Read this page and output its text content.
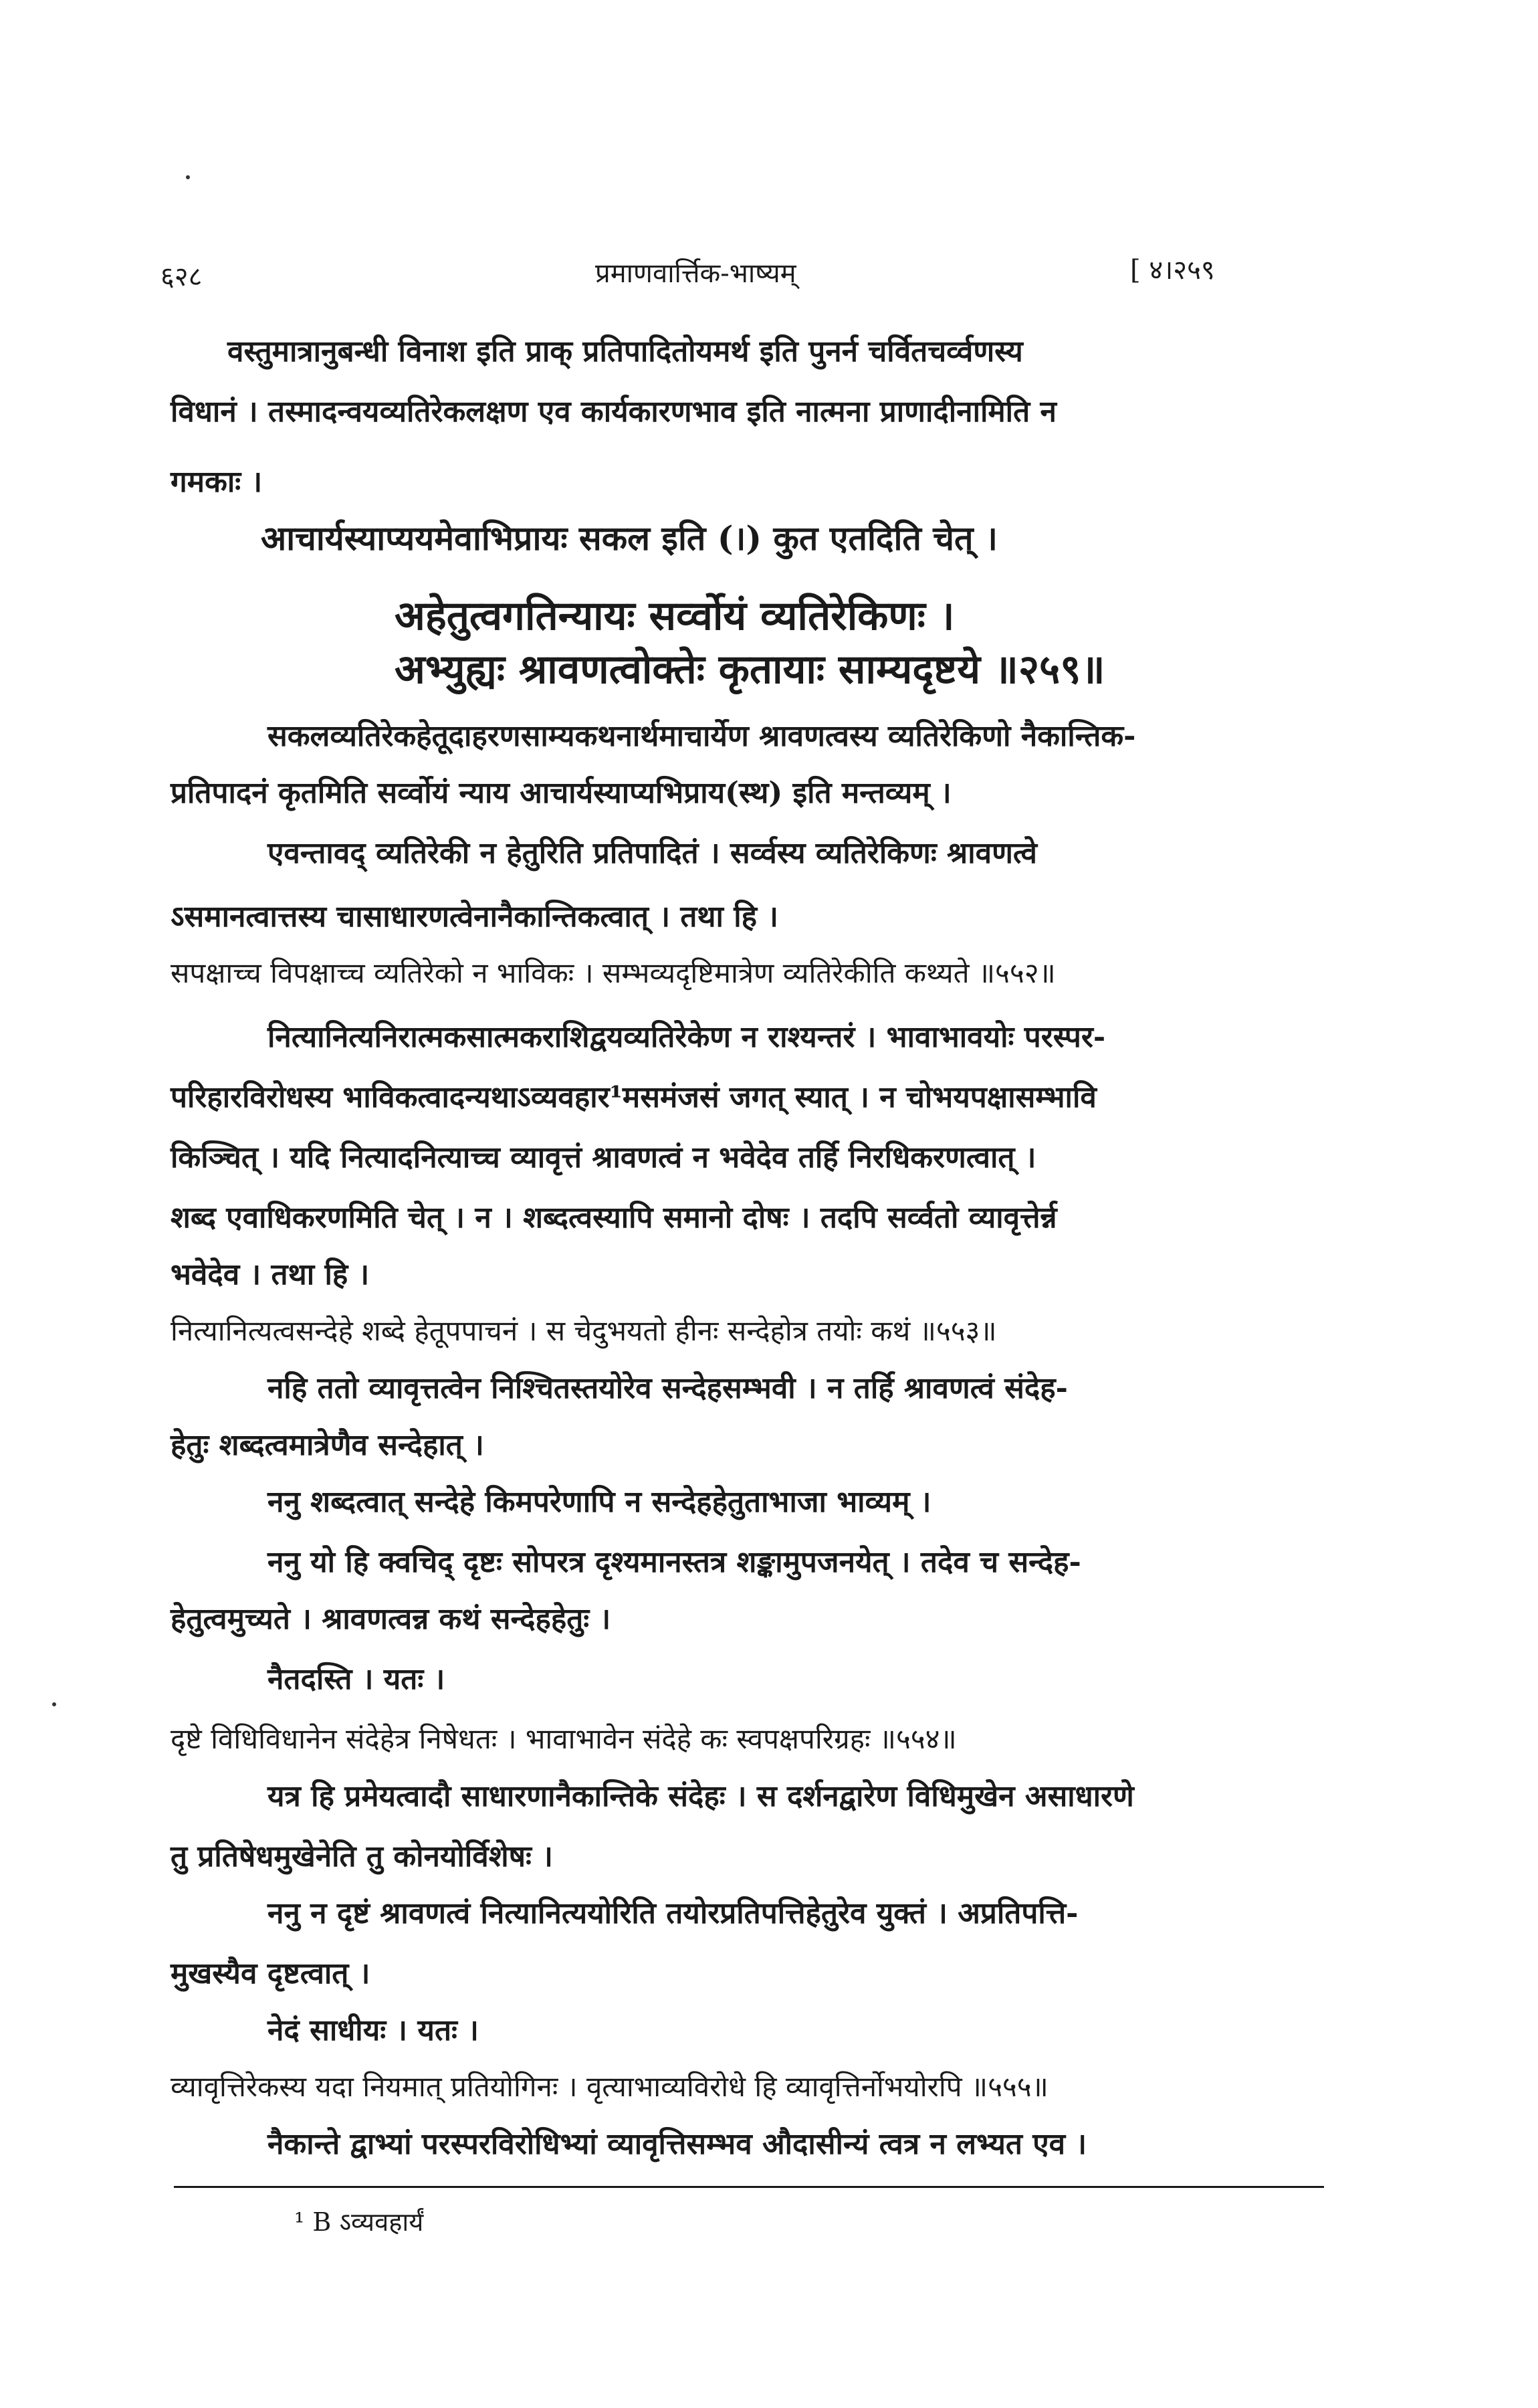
६२८	प्रमाणवार्त्तिक-भाष्यम्	[ ४।२५९

वस्तुमात्रानुबन्धी विनाश इति प्राक् प्रतिपादितोयमर्थ इति पुनर्न चर्वितचर्व्वणस्य

विधानं । तस्मादन्वयव्यतिरेकलक्षण एव कार्यकारणभाव इति नात्मना प्राणादीनामिति न

गमकाः ।

आचार्यस्याप्ययमेवाभिप्रायः सकल इति (।) कुत एतदिति चेत् ।

अहेतुत्वगतिन्यायः सर्व्वोयं व्यतिरेकिणः ।

अभ्युह्यः श्रावणत्वोक्तेः कृतायाः साम्यदृष्टये ॥२५९॥

सकलव्यतिरेकहेतूदाहरणसाम्यकथनार्थमाचार्येण श्रावणत्वस्य व्यतिरेकिणो नैकान्तिक-

प्रतिपादनं कृतमिति सर्व्वोयं न्याय आचार्यस्याप्यभिप्राय(स्थ) इति मन्तव्यम् ।

एवन्तावद् व्यतिरेकी न हेतुरिति प्रतिपादितं । सर्व्वस्य व्यतिरेकिणः श्रावणत्वे

ऽसमानत्वात्तस्य चासाधारणत्वेनानैकान्तिकत्वात् । तथा हि ।

सपक्षाच्च विपक्षाच्च व्यतिरेको न भाविकः । सम्भव्यदृष्टिमात्रेण व्यतिरेकीति कथ्यते ॥५५२॥

नित्यानित्यनिरात्मकसात्मकराशिद्वयव्यतिरेकेण न राश्यन्तरं । भावाभावयोः परस्पर-

परिहारविरोधस्य भाविकत्वादन्यथाऽव्यवहार¹मसमंजसं जगत् स्यात् । न चोभयपक्षासम्भावि

किञ्चित् । यदि नित्यादनित्याच्च व्यावृत्तं श्रावणत्वं न भवेदेव तर्हि निरधिकरणत्वात् ।

शब्द एवाधिकरणमिति चेत् । न । शब्दत्वस्यापि समानो दोषः । तदपि सर्व्वतो व्यावृत्तेर्न्न

भवेदेव । तथा हि ।

नित्यानित्यत्वसन्देहे शब्दे हेतूपपाचनं । स चेदुभयतो हीनः सन्देहोत्र तयोः कथं ॥५५३॥

नहि ततो व्यावृत्तत्वेन निश्चितस्तयोरेव सन्देहसम्भवी । न तर्हि श्रावणत्वं संदेह-

हेतुः शब्दत्वमात्रेणैव सन्देहात् ।

ननु शब्दत्वात् सन्देहे किमपरेणापि न सन्देहहेतुताभाजा भाव्यम् ।

ननु यो हि क्वचिद् दृष्टः सोपरत्र दृश्यमानस्तत्र शङ्कामुपजनयेत् । तदेव च सन्देह-

हेतुत्वमुच्यते । श्रावणत्वन्न कथं सन्देहहेतुः ।

नैतदस्ति । यतः ।

दृष्टे विधिविधानेन संदेहेत्र निषेधतः । भावाभावेन संदेहे कः स्वपक्षपरिग्रहः ॥५५४॥

यत्र हि प्रमेयत्वादौ साधारणानैकान्तिके संदेहः । स दर्शनद्वारेण विधिमुखेन असाधारणे

तु प्रतिषेधमुखेनेति तु कोनयोर्विशेषः ।

ननु न दृष्टं श्रावणत्वं नित्यानित्ययोरिति तयोरप्रतिपत्तिहेतुरेव युक्तं । अप्रतिपत्ति-

मुखस्यैव दृष्टत्वात् ।

नेदं साधीयः । यतः ।

व्यावृत्तिरेकस्य यदा नियमात् प्रतियोगिनः । वृत्याभाव्यविरोधे हि व्यावृत्तिर्नोभयोरपि ॥५५५॥

नैकान्ते द्वाभ्यां परस्परविरोधिभ्यां व्यावृत्तिसम्भव औदासीन्यं त्वत्र न लभ्यत एव ।

¹ B ऽव्यवहार्यं
